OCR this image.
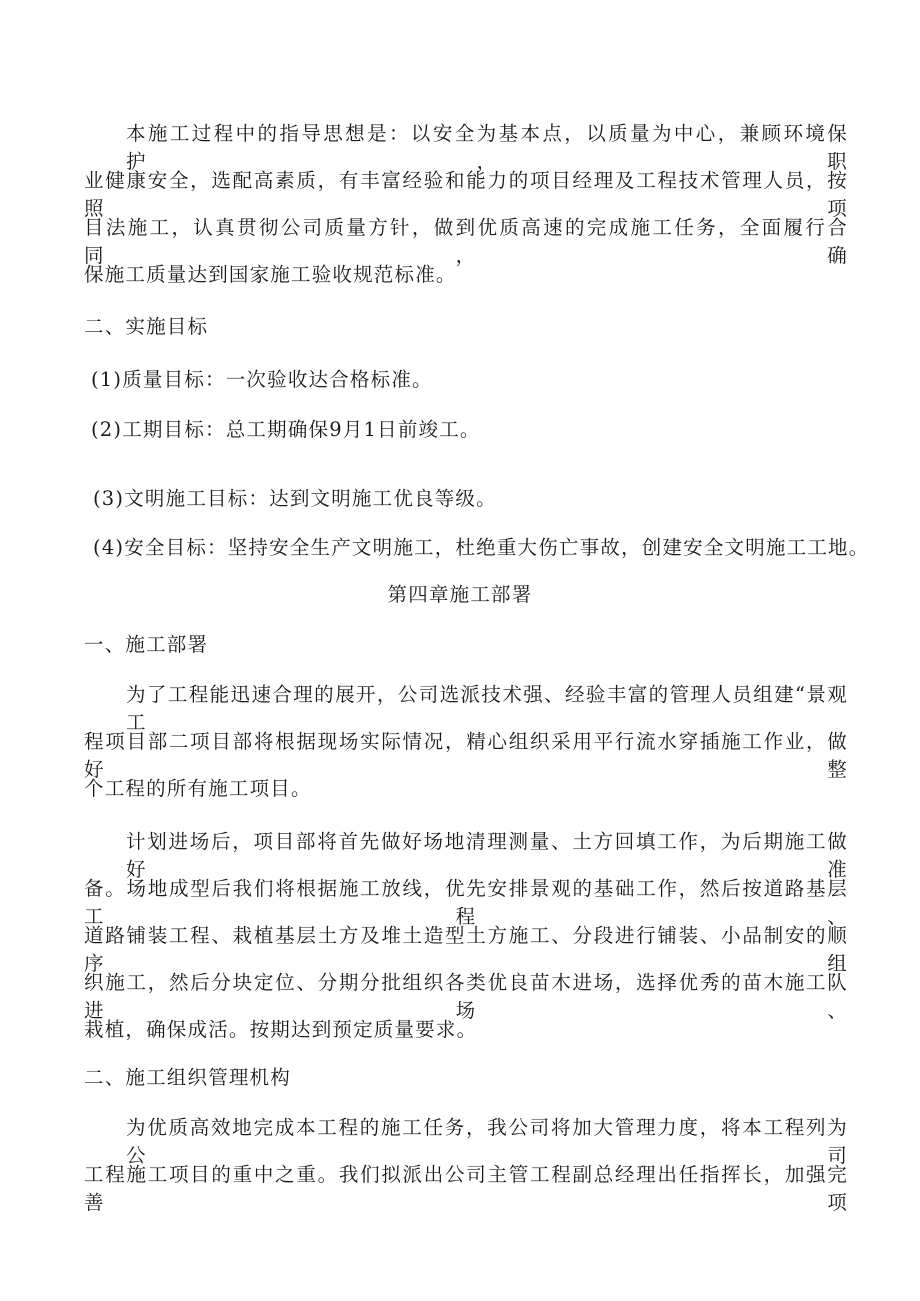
本施工过程中的指导思想是：以安全为基本点，以质量为中心，兼顾环境保护，职
业健康安全，选配高素质，有丰富经验和能力的项目经理及工程技术管理人员，按照项
目法施工，认真贯彻公司质量方针，做到优质高速的完成施工任务，全面履行合同，确
保施工质量达到国家施工验收规范标准。
二、实施目标
(1)质量目标：一次验收达合格标准。
(2)工期目标：总工期确保9月1日前竣工。
(3)文明施工目标：达到文明施工优良等级。
(4)安全目标：坚持安全生产文明施工，杜绝重大伤亡事故，创建安全文明施工工地。
第四章施工部署
一、施工部署
为了工程能迅速合理的展开，公司选派技术强、经验丰富的管理人员组建“景观工
程项目部二项目部将根据现场实际情况，精心组织采用平行流水穿插施工作业，做好整
个工程的所有施工项目。
计划进场后，项目部将首先做好场地清理测量、土方回填工作，为后期施工做好准
备。场地成型后我们将根据施工放线，优先安排景观的基础工作，然后按道路基层工程、
道路铺装工程、栽植基层土方及堆土造型土方施工、分段进行铺装、小品制安的顺序组
织施工，然后分块定位、分期分批组织各类优良苗木进场，选择优秀的苗木施工队进场、
栽植，确保成活。按期达到预定质量要求。
二、施工组织管理机构
为优质高效地完成本工程的施工任务，我公司将加大管理力度，将本工程列为公司
工程施工项目的重中之重。我们拟派出公司主管工程副总经理出任指挥长，加强完善项
